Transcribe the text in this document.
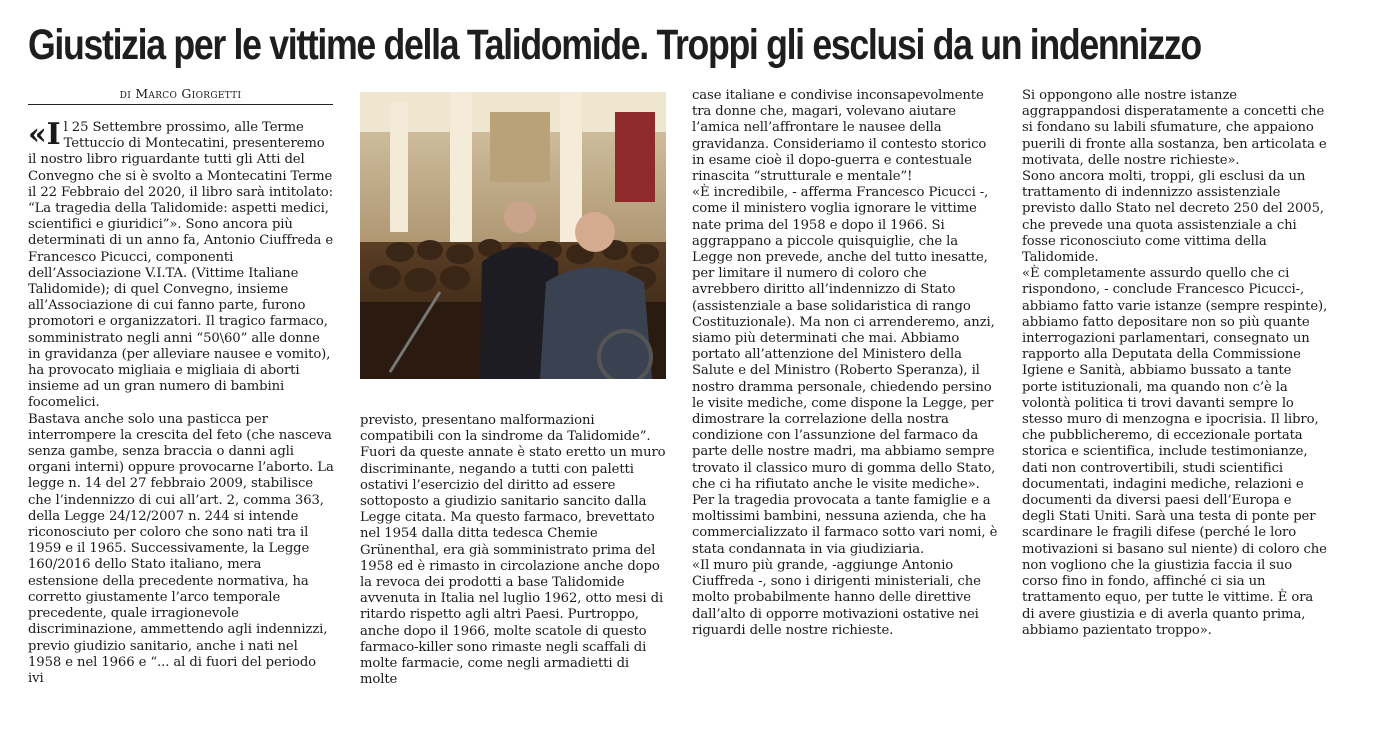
Giustizia per le vittime della Talidomide. Troppi gli esclusi da un indennizzo
di Marco Giorgetti

«Il 25 Settembre prossimo, alle Terme Tettuccio di Montecatini, presenteremo il nostro libro riguardante tutti gli Atti del Convegno che si è svolto a Montecatini Terme il 22 Febbraio del 2020, il libro sarà intitolato: “La tragedia della Talidomide: aspetti medici, scientifici e giuridici”». Sono ancora più determinati di un anno fa, Antonio Ciuffreda e Francesco Picucci, componenti dell’Associazione V.I.TA. (Vittime Italiane Talidomide); di quel Convegno, insieme all’Associazione di cui fanno parte, furono promotori e organizzatori. Il tragico farmaco, somministrato negli anni “50\60” alle donne in gravidanza (per alleviare nausee e vomito), ha provocato migliaia e migliaia di aborti insieme ad un gran numero di bambini focomelici.

Bastava anche solo una pasticca per interrompere la crescita del feto (che nasceva senza gambe, senza braccia o danni agli organi interni) oppure provocarne l’aborto. La legge n. 14 del 27 febbraio 2009, stabilisce che l’indennizzo di cui all’art. 2, comma 363, della Legge 24/12/2007 n. 244 si intende riconosciuto per coloro che sono nati tra il 1959 e il 1965. Successivamente, la Legge 160/2016 dello Stato italiano, mera estensione della precedente normativa, ha corretto giustamente l’arco temporale precedente, quale irragionevole discriminazione, ammettendo agli indennizzi, previo giudizio sanitario, anche i nati nel 1958 e nel 1966 e “... al di fuori del periodo ivi

previsto, presentano malformazioni compatibili con la sindrome da Talidomide”. Fuori da queste annate è stato eretto un muro discriminante, negando a tutti con paletti ostativi l’esercizio del diritto ad essere sottoposto a giudizio sanitario sancito dalla Legge citata. Ma questo farmaco, brevettato nel 1954 dalla ditta tedesca Chemie Grünenthal, era già somministrato prima del 1958 ed è rimasto in circolazione anche dopo la revoca dei prodotti a base Talidomide avvenuta in Italia nel luglio 1962, otto mesi di ritardo rispetto agli altri Paesi. Purtroppo, anche dopo il 1966, molte scatole di questo farmaco-killer sono rimaste negli scaffali di molte farmacie, come negli armadietti di molte

case italiane e condivise inconsapevolmente tra donne che, magari, volevano aiutare l’amica nell’affrontare le nausee della gravidanza. Consideriamo il contesto storico in esame cioè il dopo-guerra e contestuale rinascita “strutturale e mentale”!

«È incredibile, - afferma Francesco Picucci -, come il ministero voglia ignorare le vittime nate prima del 1958 e dopo il 1966. Si aggrappano a piccole quisquiglie, che la Legge non prevede, anche del tutto inesatte, per limitare il numero di coloro che avrebbero diritto all’indennizzo di Stato (assistenziale a base solidaristica di rango Costituzionale). Ma non ci arrenderemo, anzi, siamo più determinati che mai. Abbiamo portato all’attenzione del Ministero della Salute e del Ministro (Roberto Speranza), il nostro dramma personale, chiedendo persino le visite mediche, come dispone la Legge, per dimostrare la correlazione della nostra condizione con l’assunzione del farmaco da parte delle nostre madri, ma abbiamo sempre trovato il classico muro di gomma dello Stato, che ci ha rifiutato anche le visite mediche».

Per la tragedia provocata a tante famiglie e a moltissimi bambini, nessuna azienda, che ha commercializzato il farmaco sotto vari nomi, è stata condannata in via giudiziaria.

«Il muro più grande, -aggiunge Antonio Ciuffreda -, sono i dirigenti ministeriali, che molto probabilmente hanno delle direttive dall’alto di opporre motivazioni ostative nei riguardi delle nostre richieste.

Si oppongono alle nostre istanze aggrappandosi disperatamente a concetti che si fondano su labili sfumature, che appaiono puerili di fronte alla sostanza, ben articolata e motivata, delle nostre richieste».

Sono ancora molti, troppi, gli esclusi da un trattamento di indennizzo assistenziale previsto dallo Stato nel decreto 250 del 2005, che prevede una quota assistenziale a chi fosse riconosciuto come vittima della Talidomide.

«È completamente assurdo quello che ci rispondono, - conclude Francesco Picucci-, abbiamo fatto varie istanze (sempre respinte), abbiamo fatto depositare non so più quante interrogazioni parlamentari, consegnato un rapporto alla Deputata della Commissione Igiene e Sanità, abbiamo bussato a tante porte istituzionali, ma quando non c’è la volontà politica ti trovi davanti sempre lo stesso muro di menzogna e ipocrisia. Il libro, che pubblicheremo, di eccezionale portata storica e scientifica, include testimonianze, dati non controvertibili, studi scientifici documentati, indagini mediche, relazioni e documenti da diversi paesi dell’Europa e degli Stati Uniti. Sarà una testa di ponte per scardinare le fragili difese (perché le loro motivazioni si basano sul niente) di coloro che non vogliono che la giustizia faccia il suo corso fino in fondo, affinché ci sia un trattamento equo, per tutte le vittime. È ora di avere giustizia e di averla quanto prima, abbiamo pazientato troppo».
